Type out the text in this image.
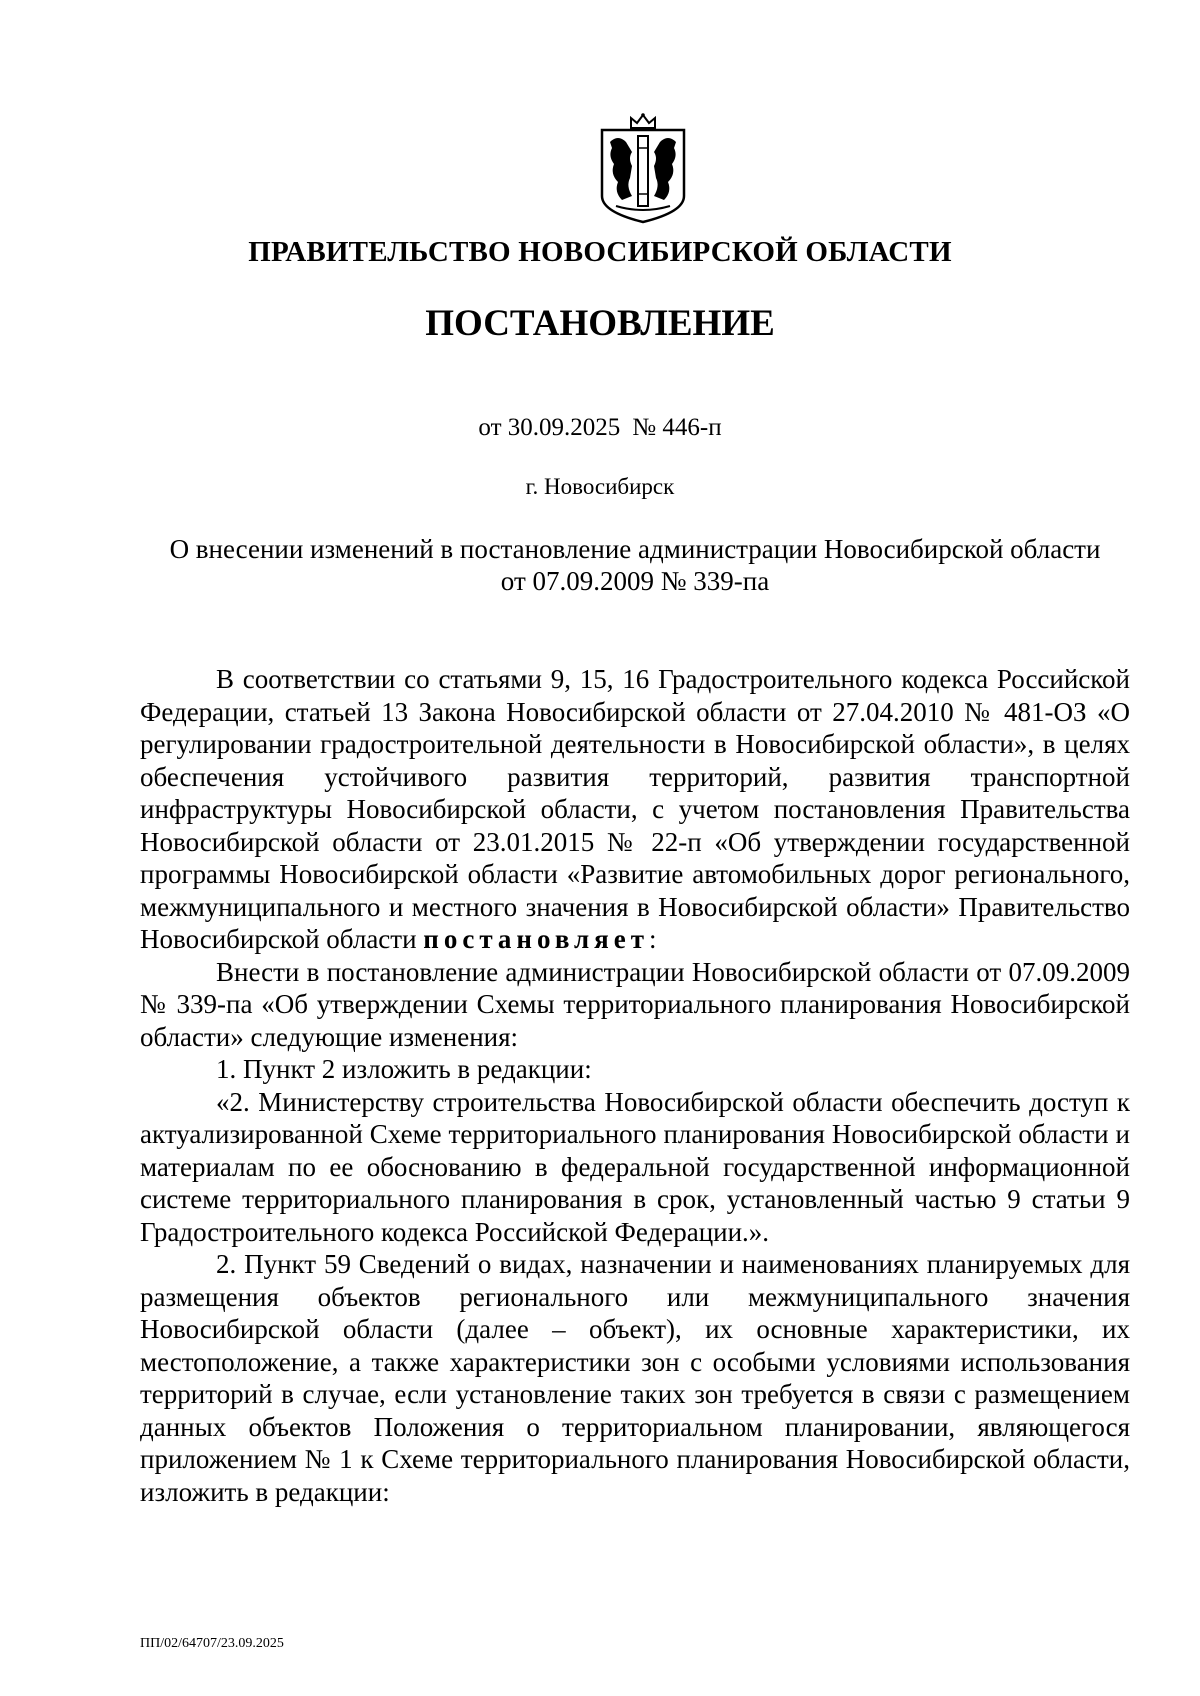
ПРАВИТЕЛЬСТВО НОВОСИБИРСКОЙ ОБЛАСТИ
ПОСТАНОВЛЕНИЕ
от 30.09.2025 № 446-п
г. Новосибирск
О внесении изменений в постановление администрации Новосибирской области
от 07.09.2009 № 339-па

В соответствии со статьями 9, 15, 16 Градостроительного кодекса Российской Федерации, статьей 13 Закона Новосибирской области от 27.04.2010 № 481-ОЗ «О регулировании градостроительной деятельности в Новосибирской области», в целях обеспечения устойчивого развития территорий, развития транспортной инфраструктуры Новосибирской области, с учетом постановления Правительства Новосибирской области от 23.01.2015 № 22-п «Об утверждении государственной программы Новосибирской области «Развитие автомобильных дорог регионального, межмуниципального и местного значения в Новосибирской области» Правительство Новосибирской области постановляет:

Внести в постановление администрации Новосибирской области от 07.09.2009 № 339-па «Об утверждении Схемы территориального планирования Новосибирской области» следующие изменения:

1. Пункт 2 изложить в редакции:

«2. Министерству строительства Новосибирской области обеспечить доступ к актуализированной Схеме территориального планирования Новосибирской области и материалам по ее обоснованию в федеральной государственной информационной системе территориального планирования в срок, установленный частью 9 статьи 9 Градостроительного кодекса Российской Федерации.».

2. Пункт 59 Сведений о видах, назначении и наименованиях планируемых для размещения объектов регионального или межмуниципального значения Новосибирской области (далее – объект), их основные характеристики, их местоположение, а также характеристики зон с особыми условиями использования территорий в случае, если установление таких зон требуется в связи с размещением данных объектов Положения о территориальном планировании, являющегося приложением № 1 к Схеме территориального планирования Новосибирской области, изложить в редакции:

ПП/02/64707/23.09.2025
